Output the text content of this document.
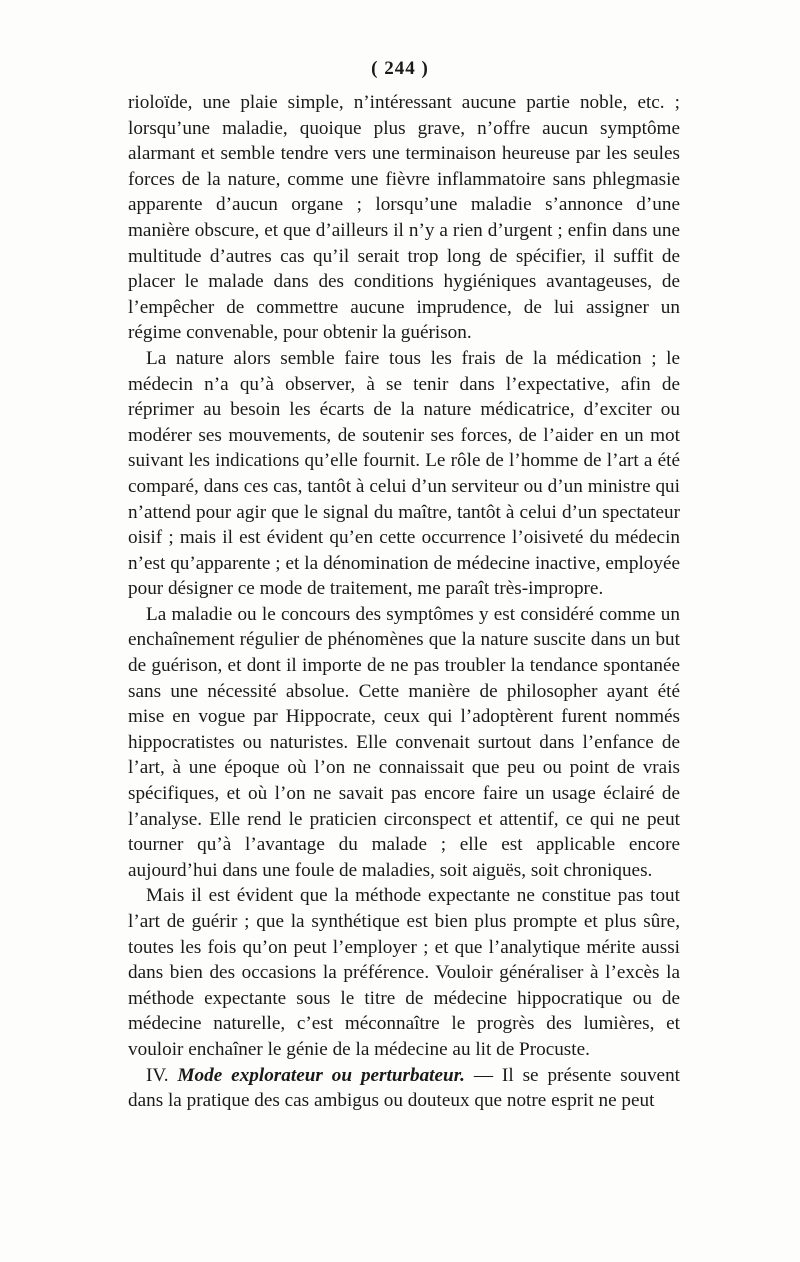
( 244 )

rioloïde, une plaie simple, n’intéressant aucune partie noble, etc. ; lorsqu’une maladie, quoique plus grave, n’offre aucun symptôme alarmant et semble tendre vers une terminaison heureuse par les seules forces de la nature, comme une fièvre inflammatoire sans phlegmasie apparente d’aucun organe ; lorsqu’une maladie s’annonce d’une manière obscure, et que d’ailleurs il n’y a rien d’urgent ; enfin dans une multitude d’autres cas qu’il serait trop long de spécifier, il suffit de placer le malade dans des conditions hygiéniques avantageuses, de l’empêcher de commettre aucune imprudence, de lui assigner un régime convenable, pour obtenir la guérison.

La nature alors semble faire tous les frais de la médication ; le médecin n’a qu’à observer, à se tenir dans l’expectative, afin de réprimer au besoin les écarts de la nature médicatrice, d’exciter ou modérer ses mouvements, de soutenir ses forces, de l’aider en un mot suivant les indications qu’elle fournit. Le rôle de l’homme de l’art a été comparé, dans ces cas, tantôt à celui d’un serviteur ou d’un ministre qui n’attend pour agir que le signal du maître, tantôt à celui d’un spectateur oisif ; mais il est évident qu’en cette occurrence l’oisiveté du médecin n’est qu’apparente ; et la dénomination de médecine inactive, employée pour désigner ce mode de traitement, me paraît très-impropre.

La maladie ou le concours des symptômes y est considéré comme un enchaînement régulier de phénomènes que la nature suscite dans un but de guérison, et dont il importe de ne pas troubler la tendance spontanée sans une nécessité absolue. Cette manière de philosopher ayant été mise en vogue par Hippocrate, ceux qui l’adoptèrent furent nommés hippocratistes ou naturistes. Elle convenait surtout dans l’enfance de l’art, à une époque où l’on ne connaissait que peu ou point de vrais spécifiques, et où l’on ne savait pas encore faire un usage éclairé de l’analyse. Elle rend le praticien circonspect et attentif, ce qui ne peut tourner qu’à l’avantage du malade ; elle est applicable encore aujourd’hui dans une foule de maladies, soit aiguës, soit chroniques.

Mais il est évident que la méthode expectante ne constitue pas tout l’art de guérir ; que la synthétique est bien plus prompte et plus sûre, toutes les fois qu’on peut l’employer ; et que l’analytique mérite aussi dans bien des occasions la préférence. Vouloir généraliser à l’excès la méthode expectante sous le titre de médecine hippocratique ou de médecine naturelle, c’est méconnaître le progrès des lumières, et vouloir enchaîner le génie de la médecine au lit de Procuste.

IV. Mode explorateur ou perturbateur. — Il se présente souvent dans la pratique des cas ambigus ou douteux que notre esprit ne peut
